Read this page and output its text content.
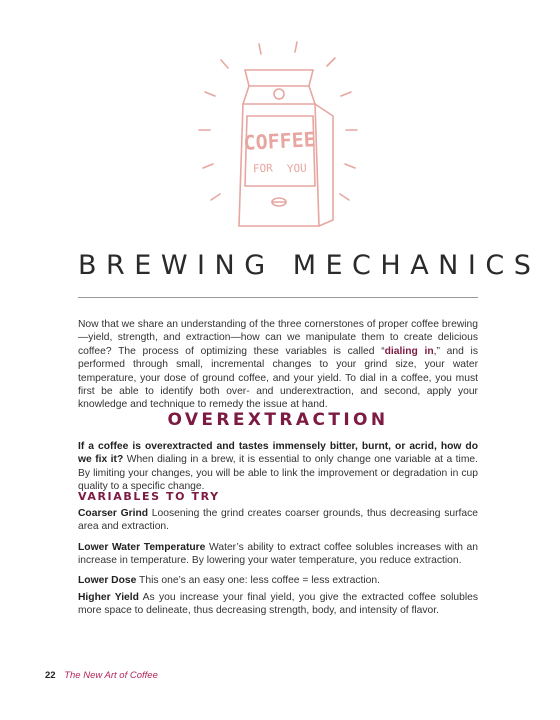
COFFEE
FOR YOU
BREWING MECHANICS

Now that we share an understanding of the three cornerstones of proper coffee brewing—yield, strength, and extraction—how can we manipulate them to create delicious coffee? The process of optimizing these variables is called “dialing in,” and is performed through small, incremental changes to your grind size, your water temperature, your dose of ground coffee, and your yield. To dial in a coffee, you must first be able to identify both over- and underextraction, and second, apply your knowledge and technique to remedy the issue at hand.

OVEREXTRACTION

If a coffee is overextracted and tastes immensely bitter, burnt, or acrid, how do we fix it? When dialing in a brew, it is essential to only change one variable at a time. By limiting your changes, you will be able to link the improvement or degradation in cup quality to a specific change.

VARIABLES TO TRY

Coarser Grind Loosening the grind creates coarser grounds, thus decreasing surface area and extraction.

Lower Water Temperature Water’s ability to extract coffee solubles increases with an increase in temperature. By lowering your water temperature, you reduce extraction.

Lower Dose This one’s an easy one: less coffee = less extraction.

Higher Yield As you increase your final yield, you give the extracted coffee solubles more space to delineate, thus decreasing strength, body, and intensity of flavor.

22 The New Art of Coffee
